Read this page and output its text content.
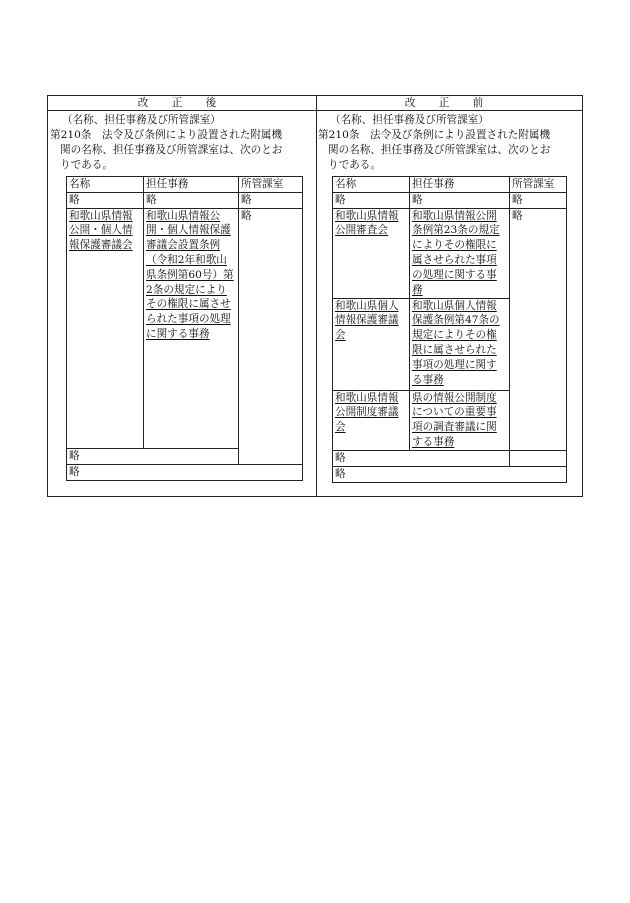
改 正 後
（名称、担任事務及び所管課室）
第210条　法令及び条例により設置された附属機
関の名称、担任事務及び所管課室は、次のとお
りである。
名称	担任事務	所管課室
略	略	略
和歌山県情報公開・個人情報保護審議会	和歌山県情報公開・個人情報保護審議会設置条例（令和2年和歌山県条例第60号）第2条の規定によりその権限に属させられた事項の処理に関する事務	略
略		
略		
改 正 前
（名称、担任事務及び所管課室）
第210条　法令及び条例により設置された附属機
関の名称、担任事務及び所管課室は、次のとお
りである。
名称	担任事務	所管課室
略	略	略
和歌山県情報公開審査会	和歌山県情報公開条例第23条の規定によりその権限に属させられた事項の処理に関する事務	略
和歌山県個人情報保護審議会	和歌山県個人情報保護条例第47条の規定によりその権限に属させられた事項の処理に関する事務	
和歌山県情報公開制度審議会	県の情報公開制度についての重要事項の調査審議に関する事務	
略		
略		
